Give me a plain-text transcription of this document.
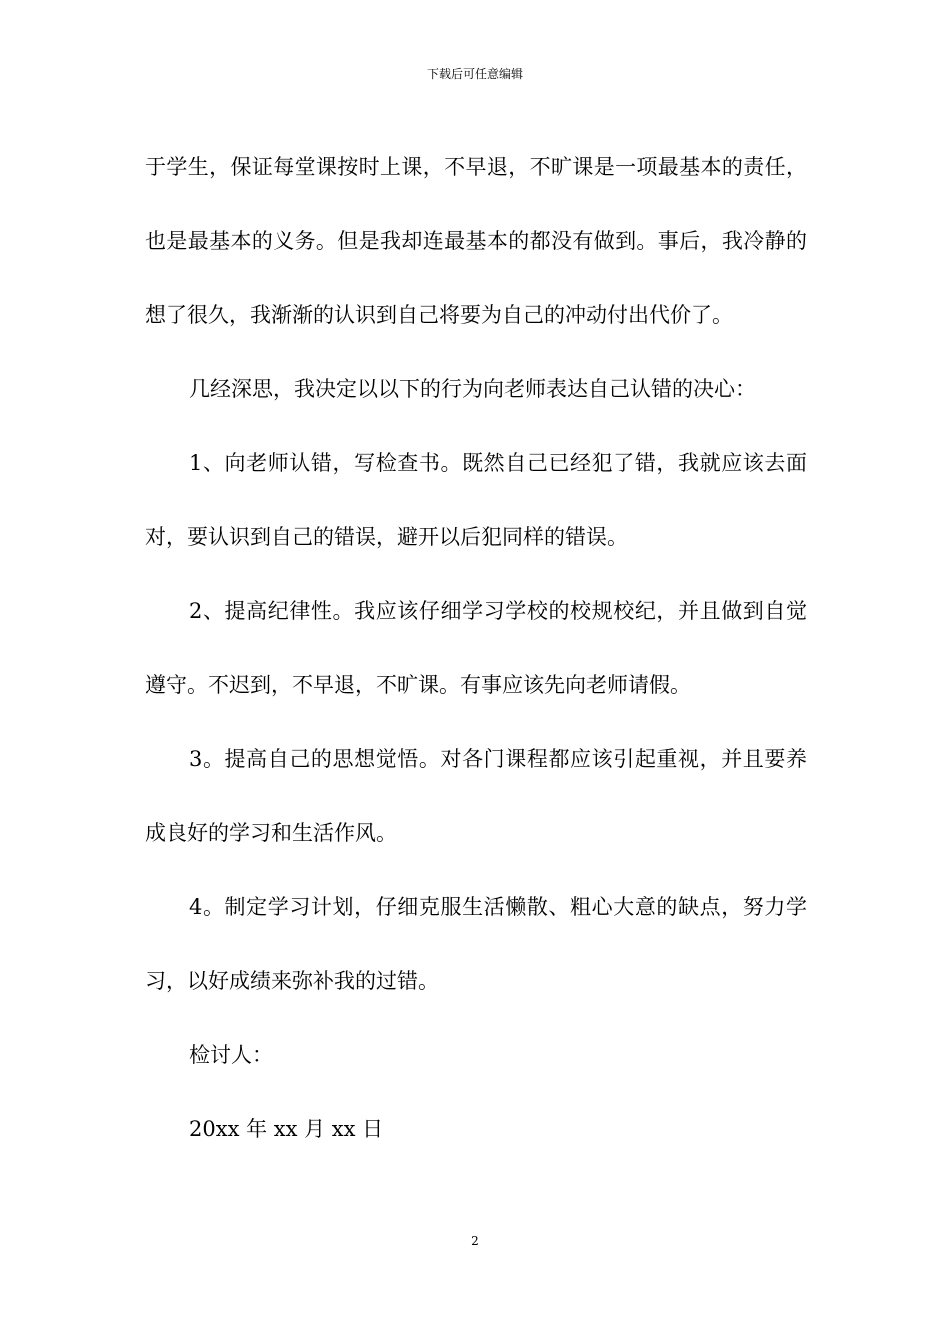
下载后可任意编辑

于学生，保证每堂课按时上课，不早退，不旷课是一项最基本的责任，也是最基本的义务。但是我却连最基本的都没有做到。事后，我冷静的想了很久，我渐渐的认识到自己将要为自己的冲动付出代价了。

几经深思，我决定以以下的行为向老师表达自己认错的决心：

1、向老师认错，写检查书。既然自己已经犯了错，我就应该去面对，要认识到自己的错误，避开以后犯同样的错误。

2、提高纪律性。我应该仔细学习学校的校规校纪，并且做到自觉遵守。不迟到，不早退，不旷课。有事应该先向老师请假。

3。提高自己的思想觉悟。对各门课程都应该引起重视，并且要养成良好的学习和生活作风。

4。制定学习计划，仔细克服生活懒散、粗心大意的缺点，努力学习，以好成绩来弥补我的过错。

检讨人：

20xx 年 xx 月 xx 日

2
